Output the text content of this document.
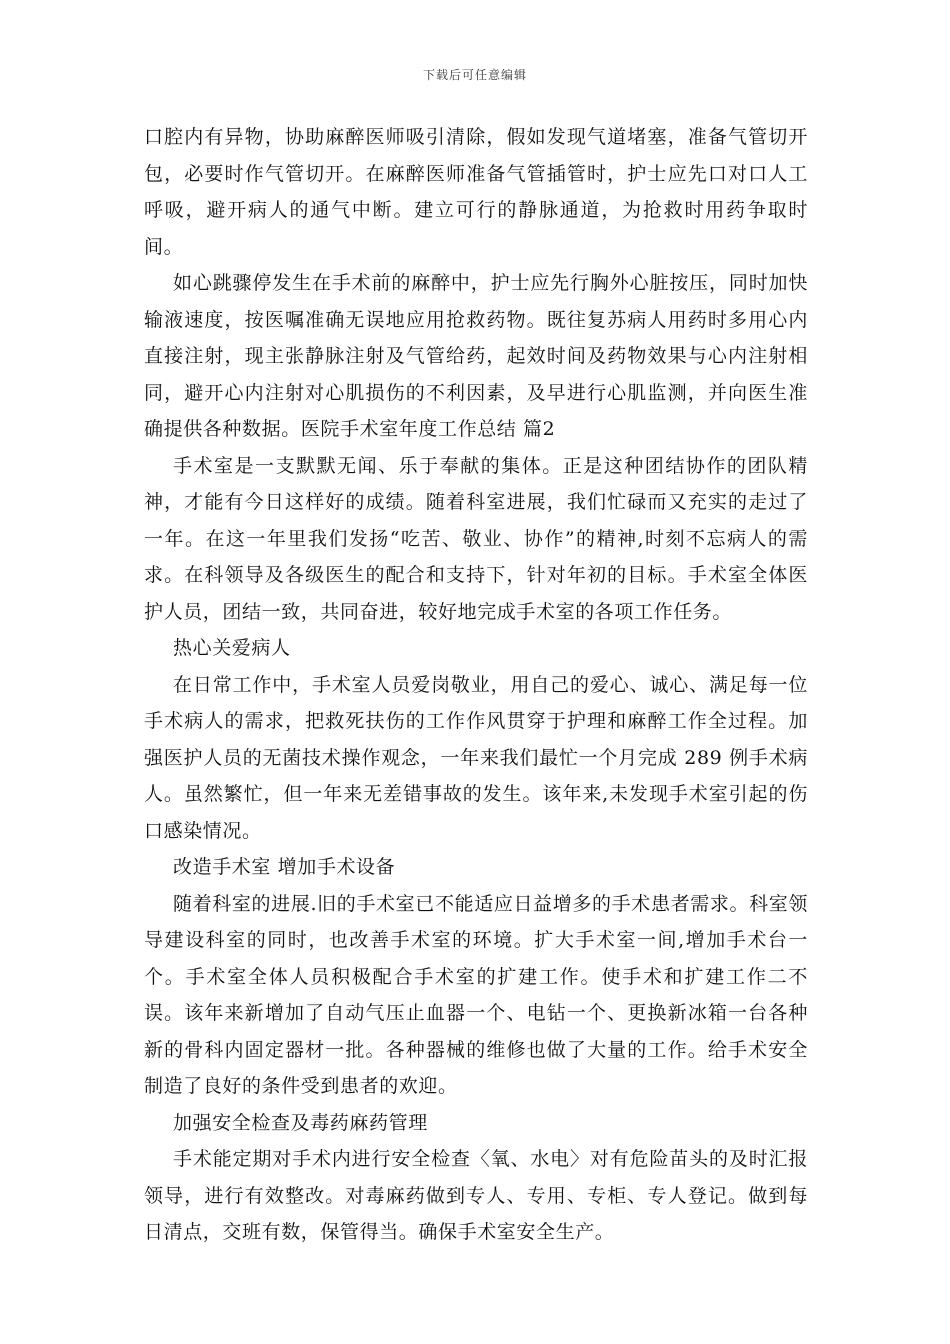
下载后可任意编辑

口腔内有异物，协助麻醉医师吸引清除，假如发现气道堵塞，准备气管切开包，必要时作气管切开。在麻醉医师准备气管插管时，护士应先口对口人工呼吸，避开病人的通气中断。建立可行的静脉通道，为抢救时用药争取时间。

如心跳骤停发生在手术前的麻醉中，护士应先行胸外心脏按压，同时加快输液速度，按医嘱准确无误地应用抢救药物。既往复苏病人用药时多用心内直接注射，现主张静脉注射及气管给药，起效时间及药物效果与心内注射相同，避开心内注射对心肌损伤的不利因素，及早进行心肌监测，并向医生准确提供各种数据。医院手术室年度工作总结 篇2

手术室是一支默默无闻、乐于奉献的集体。正是这种团结协作的团队精神，才能有今日这样好的成绩。随着科室进展，我们忙碌而又充实的走过了一年。在这一年里我们发扬“吃苦、敬业、协作”的精神,时刻不忘病人的需求。在科领导及各级医生的配合和支持下，针对年初的目标。手术室全体医护人员，团结一致，共同奋进，较好地完成手术室的各项工作任务。

热心关爱病人

在日常工作中，手术室人员爱岗敬业，用自己的爱心、诚心、满足每一位手术病人的需求，把救死扶伤的工作作风贯穿于护理和麻醉工作全过程。加强医护人员的无菌技术操作观念，一年来我们最忙一个月完成 289 例手术病人。虽然繁忙，但一年来无差错事故的发生。该年来,未发现手术室引起的伤口感染情况。

改造手术室 增加手术设备

随着科室的进展.旧的手术室已不能适应日益增多的手术患者需求。科室领导建设科室的同时，也改善手术室的环境。扩大手术室一间,增加手术台一个。手术室全体人员积极配合手术室的扩建工作。使手术和扩建工作二不误。该年来新增加了自动气压止血器一个、电钻一个、更换新冰箱一台各种新的骨科内固定器材一批。各种器械的维修也做了大量的工作。给手术安全制造了良好的条件受到患者的欢迎。

加强安全检查及毒药麻药管理

手术能定期对手术内进行安全检查〈氧、水电〉对有危险苗头的及时汇报领导，进行有效整改。对毒麻药做到专人、专用、专柜、专人登记。做到每日清点，交班有数，保管得当。确保手术室安全生产。
